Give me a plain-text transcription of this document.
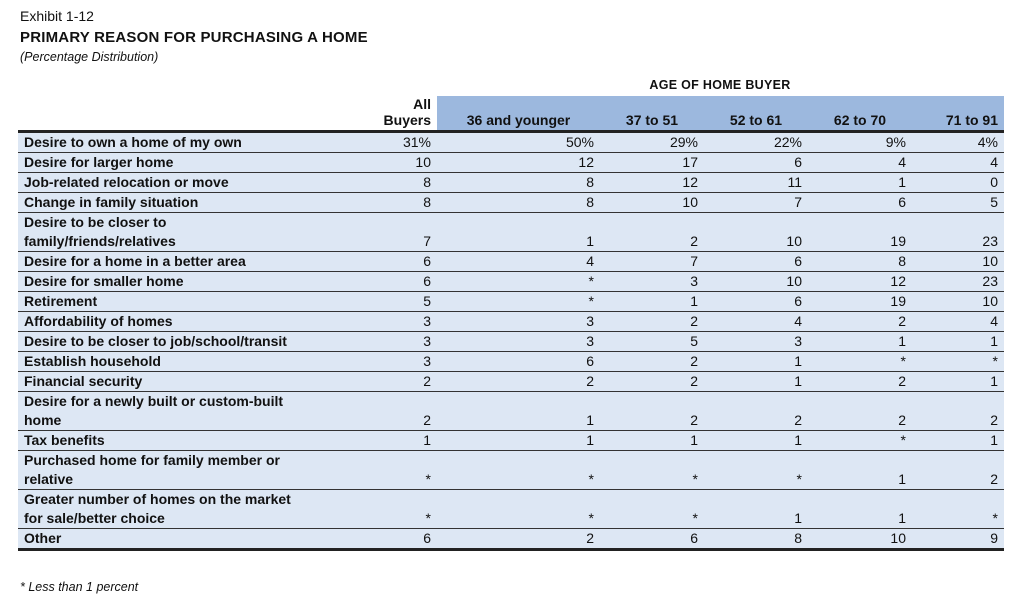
Exhibit 1-12
PRIMARY REASON FOR PURCHASING A HOME
(Percentage Distribution)
AGE OF HOME BUYER
	All Buyers	36 and younger	37 to 51	52 to 61	62 to 70	71 to 91
Desire to own a home of my own	31%	50%	29%	22%	9%	4%
Desire for larger home	10	12	17	6	4	4
Job-related relocation or move	8	8	12	11	1	0
Change in family situation	8	8	10	7	6	5
Desire to be closer to
family/friends/relatives	7	1	2	10	19	23
Desire for a home in a better area	6	4	7	6	8	10
Desire for smaller home	6	*	3	10	12	23
Retirement	5	*	1	6	19	10
Affordability of homes	3	3	2	4	2	4
Desire to be closer to job/school/transit	3	3	5	3	1	1
Establish household	3	6	2	1	*	*
Financial security	2	2	2	1	2	1
Desire for a newly built or custom-built
home	2	1	2	2	2	2
Tax benefits	1	1	1	1	*	1
Purchased home for family member or
relative	*	*	*	*	1	2
Greater number of homes on the market
for sale/better choice	*	*	*	1	1	*
Other	6	2	6	8	10	9
* Less than 1 percent
